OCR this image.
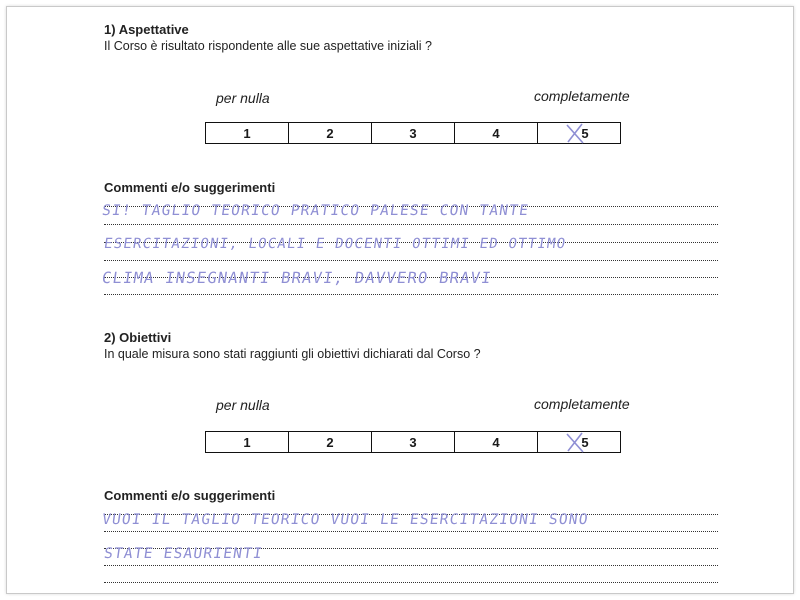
1) Aspettative
Il Corso è risultato rispondente alle sue aspettative iniziali ?
per nulla	completamente
1	2	3	4	5
Commenti e/o suggerimenti
SI! TAGLIO TEORICO PRATICO PALESE CON TANTE
ESERCITAZIONI, LOCALI E DOCENTI OTTIMI ED OTTIMO
CLIMA INSEGNANTI BRAVI, DAVVERO BRAVI
2) Obiettivi
In quale misura sono stati raggiunti gli obiettivi dichiarati dal Corso ?
per nulla	completamente
1	2	3	4	5
Commenti e/o suggerimenti
VUOI IL TAGLIO TEORICO VUOI LE ESERCITAZIONI SONO
STATE ESAURIENTI
